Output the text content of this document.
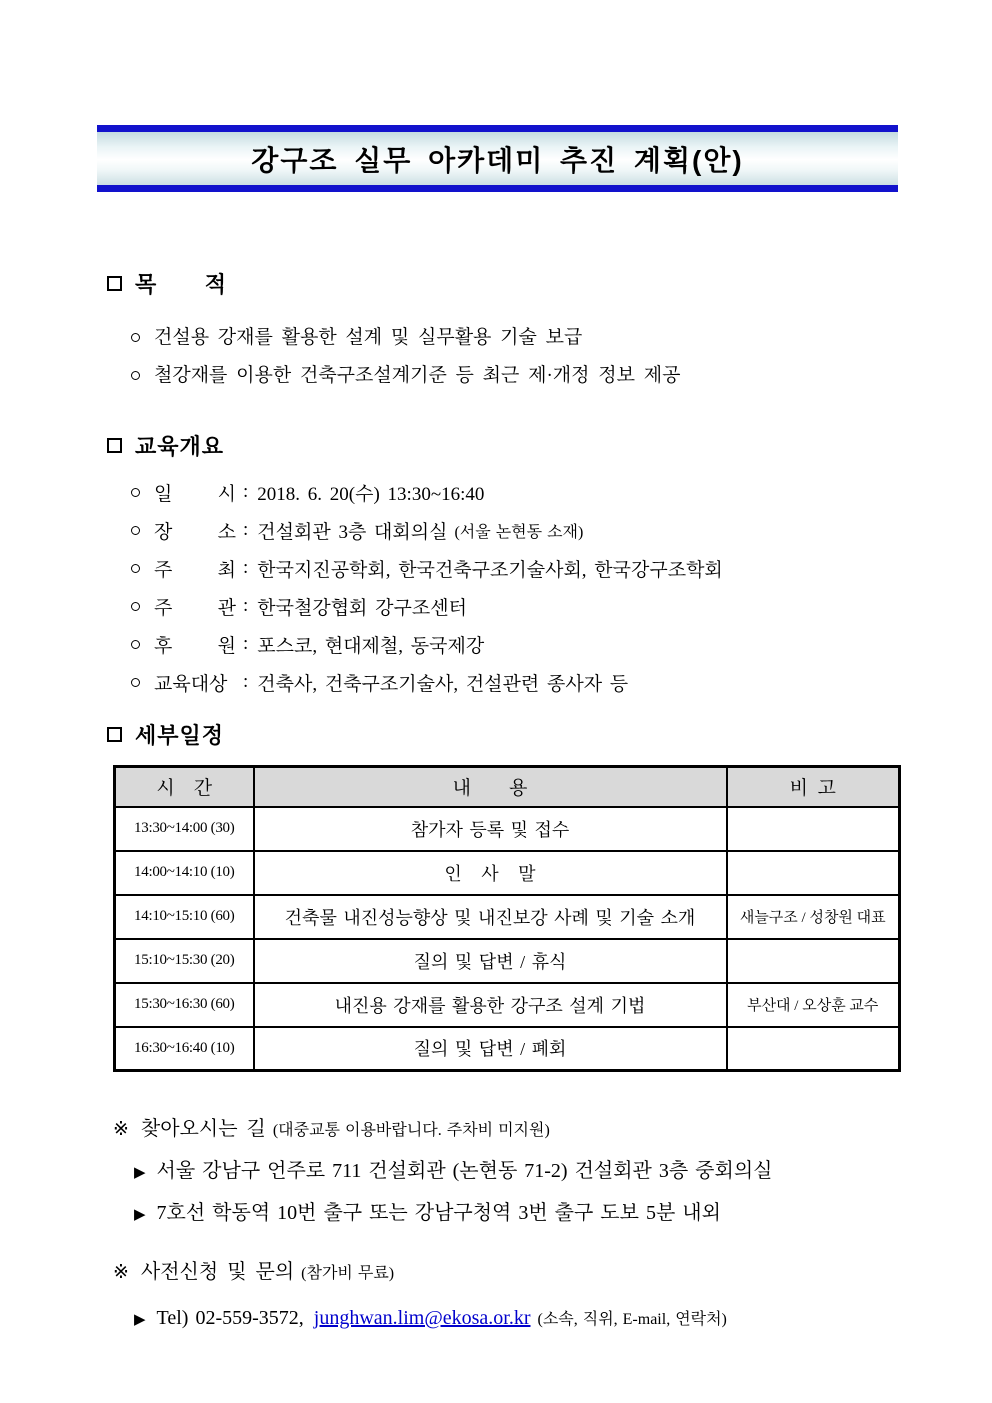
강구조 실무 아카데미 추진 계획(안)
목 적
건설용 강재를 활용한 설계 및 실무활용 기술 보급
철강재를 이용한 건축구조설계기준 등 최근 제·개정 정보 제공
교육개요
일 시 : 2018. 6. 20(수) 13:30~16:40
장 소 : 건설회관 3층 대회의실 (서울 논현동 소재)
주 최 : 한국지진공학회, 한국건축구조기술사회, 한국강구조학회
주 관 : 한국철강협회 강구조센터
후 원 : 포스코, 현대제철, 동국제강
교육대상 : 건축사, 건축구조기술사, 건설관련 종사자 등
세부일정
시    간	내        용	비  고
13:30~14:00 (30)	참가자 등록 및 접수	
14:00~14:10 (10)	인   사   말	
14:10~15:10 (60)	건축물 내진성능향상 및 내진보강 사례 및 기술 소개	새늘구조 / 성창원 대표
15:10~15:30 (20)	질의 및 답변 / 휴식	
15:30~16:30 (60)	내진용 강재를 활용한 강구조 설계 기법	부산대 / 오상훈 교수
16:30~16:40 (10)	질의 및 답변 / 폐회	
※ 찾아오시는 길 (대중교통 이용바랍니다. 주차비 미지원)
▶ 서울 강남구 언주로 711 건설회관 (논현동 71-2) 건설회관 3층 중회의실
▶ 7호선 학동역 10번 출구 또는 강남구청역 3번 출구 도보 5분 내외
※ 사전신청 및 문의 (참가비 무료)
▶ Tel) 02-559-3572, junghwan.lim@ekosa.or.kr (소속, 직위, E-mail, 연락처)
